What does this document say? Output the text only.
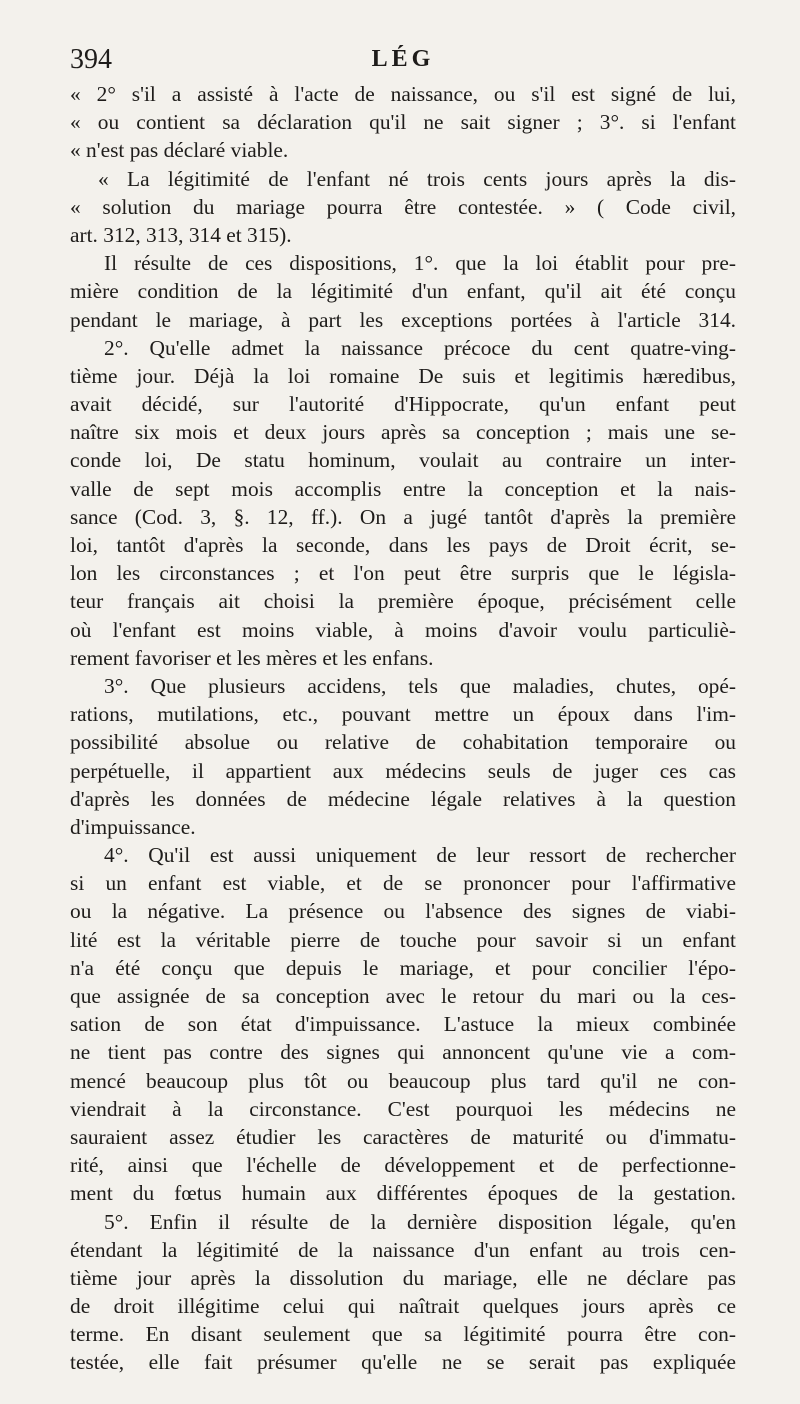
394	LÉG
« 2° s'il a assisté à l'acte de naissance, ou s'il est signé de lui,
« ou contient sa déclaration qu'il ne sait signer ; 3°. si l'enfant
« n'est pas déclaré viable.
« La légitimité de l'enfant né trois cents jours après la dis-
« solution du mariage pourra être contestée. » ( Code civil,
art. 312, 313, 314 et 315).
Il résulte de ces dispositions, 1°. que la loi établit pour pre-
mière condition de la légitimité d'un enfant, qu'il ait été conçu
pendant le mariage, à part les exceptions portées à l'article 314.
2°. Qu'elle admet la naissance précoce du cent quatre-ving-
tième jour. Déjà la loi romaine De suis et legitimis hæredibus,
avait décidé, sur l'autorité d'Hippocrate, qu'un enfant peut
naître six mois et deux jours après sa conception ; mais une se-
conde loi, De statu hominum, voulait au contraire un inter-
valle de sept mois accomplis entre la conception et la nais-
sance (Cod. 3, §. 12, ff.). On a jugé tantôt d'après la première
loi, tantôt d'après la seconde, dans les pays de Droit écrit, se-
lon les circonstances ; et l'on peut être surpris que le législa-
teur français ait choisi la première époque, précisément celle
où l'enfant est moins viable, à moins d'avoir voulu particuliè-
rement favoriser et les mères et les enfans.
3°. Que plusieurs accidens, tels que maladies, chutes, opé-
rations, mutilations, etc., pouvant mettre un époux dans l'im-
possibilité absolue ou relative de cohabitation temporaire ou
perpétuelle, il appartient aux médecins seuls de juger ces cas
d'après les données de médecine légale relatives à la question
d'impuissance.
4°. Qu'il est aussi uniquement de leur ressort de rechercher
si un enfant est viable, et de se prononcer pour l'affirmative
ou la négative. La présence ou l'absence des signes de viabi-
lité est la véritable pierre de touche pour savoir si un enfant
n'a été conçu que depuis le mariage, et pour concilier l'épo-
que assignée de sa conception avec le retour du mari ou la ces-
sation de son état d'impuissance. L'astuce la mieux combinée
ne tient pas contre des signes qui annoncent qu'une vie a com-
mencé beaucoup plus tôt ou beaucoup plus tard qu'il ne con-
viendrait à la circonstance. C'est pourquoi les médecins ne
sauraient assez étudier les caractères de maturité ou d'immatu-
rité, ainsi que l'échelle de développement et de perfectionne-
ment du fœtus humain aux différentes époques de la gestation.
5°. Enfin il résulte de la dernière disposition légale, qu'en
étendant la légitimité de la naissance d'un enfant au trois cen-
tième jour après la dissolution du mariage, elle ne déclare pas
de droit illégitime celui qui naîtrait quelques jours après ce
terme. En disant seulement que sa légitimité pourra être con-
testée, elle fait présumer qu'elle ne se serait pas expliquée
